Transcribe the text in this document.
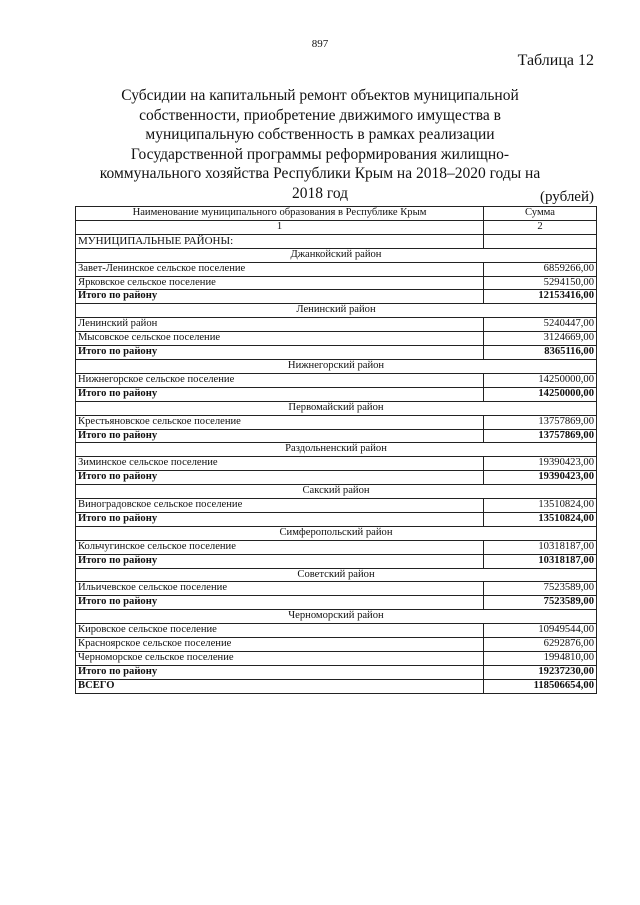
897
Таблица 12
Субсидии на капитальный ремонт объектов муниципальной собственности, приобретение движимого имущества в муниципальную собственность в рамках реализации Государственной программы реформирования жилищно-коммунального хозяйства Республики Крым на 2018–2020 годы на 2018 год	(рублей)
Наименование муниципального образования в Республике Крым	Сумма
1	2
МУНИЦИПАЛЬНЫЕ РАЙОНЫ:	
Джанкойский район	
Завет-Ленинское сельское поселение	6859266,00
Ярковское сельское поселение	5294150,00
Итого по району	12153416,00
Ленинский район	
Ленинский район	5240447,00
Мысовское сельское поселение	3124669,00
Итого по району	8365116,00
Нижнегорский район	
Нижнегорское сельское поселение	14250000,00
Итого по району	14250000,00
Первомайский район	
Крестьяновское сельское поселение	13757869,00
Итого по району	13757869,00
Раздольненский район	
Зиминское сельское поселение	19390423,00
Итого по району	19390423,00
Сакский район	
Виноградовское сельское поселение	13510824,00
Итого по району	13510824,00
Симферопольский район	
Кольчугинское сельское поселение	10318187,00
Итого по району	10318187,00
Советский район	
Ильичевское сельское поселение	7523589,00
Итого по району	7523589,00
Черноморский район	
Кировское сельское поселение	10949544,00
Красноярское сельское поселение	6292876,00
Черноморское сельское поселение	1994810,00
Итого по району	19237230,00
ВСЕГО	118506654,00
